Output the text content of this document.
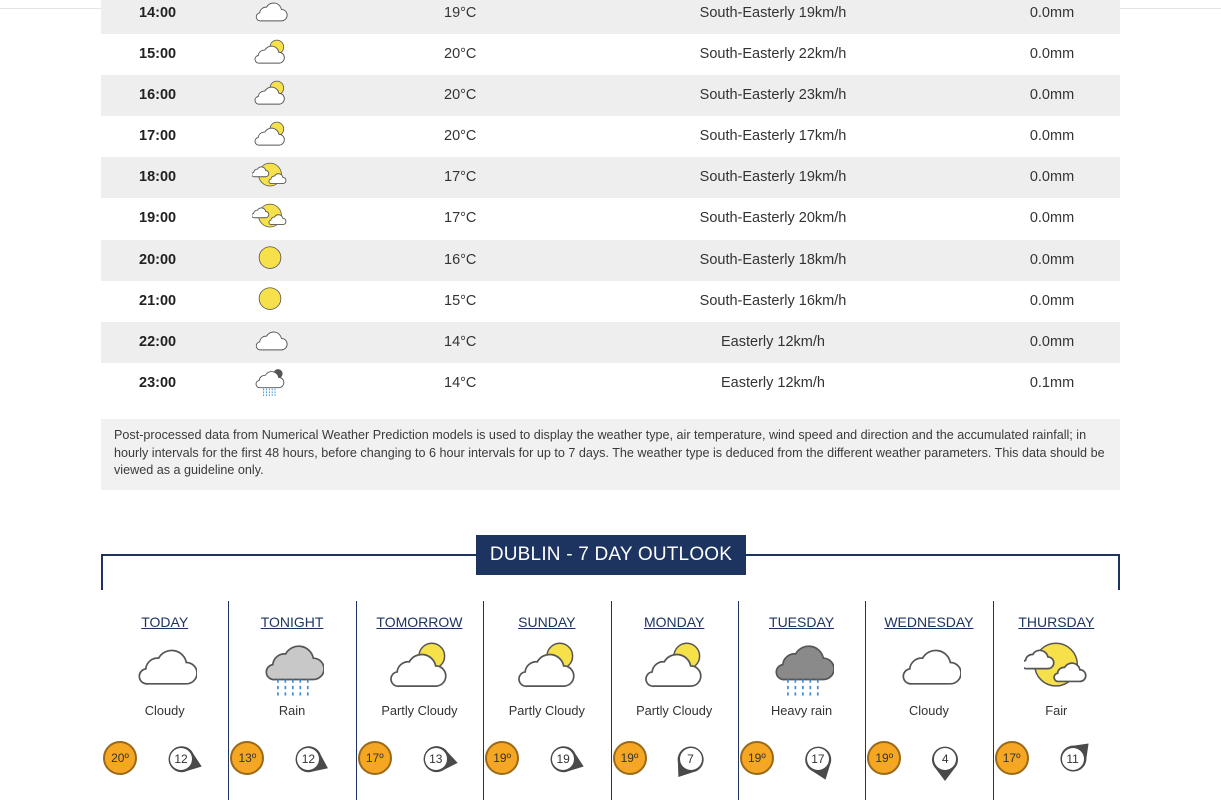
14:00	19°C	South-Easterly 19km/h	0.0mm
15:00	20°C	South-Easterly 22km/h	0.0mm
16:00	20°C	South-Easterly 23km/h	0.0mm
17:00	20°C	South-Easterly 17km/h	0.0mm
18:00	17°C	South-Easterly 19km/h	0.0mm
19:00	17°C	South-Easterly 20km/h	0.0mm
20:00	16°C	South-Easterly 18km/h	0.0mm
21:00	15°C	South-Easterly 16km/h	0.0mm
22:00	14°C	Easterly 12km/h	0.0mm
23:00	14°C	Easterly 12km/h	0.1mm
Post-processed data from Numerical Weather Prediction models is used to display the weather type, air temperature, wind speed and direction and the accumulated rainfall; in hourly intervals for the first 48 hours, before changing to 6 hour intervals for up to 7 days. The weather type is deduced from the different weather parameters. This data should be viewed as a guideline only.
DUBLIN - 7 DAY OUTLOOK
TODAY
Cloudy
20º	12
TONIGHT
Rain
13º	12
TOMORROW
Partly Cloudy
17º	13
SUNDAY
Partly Cloudy
19º	19
MONDAY
Partly Cloudy
19º	7
TUESDAY
Heavy rain
19º	17
WEDNESDAY
Cloudy
19º	4
THURSDAY
Fair
17º	11
